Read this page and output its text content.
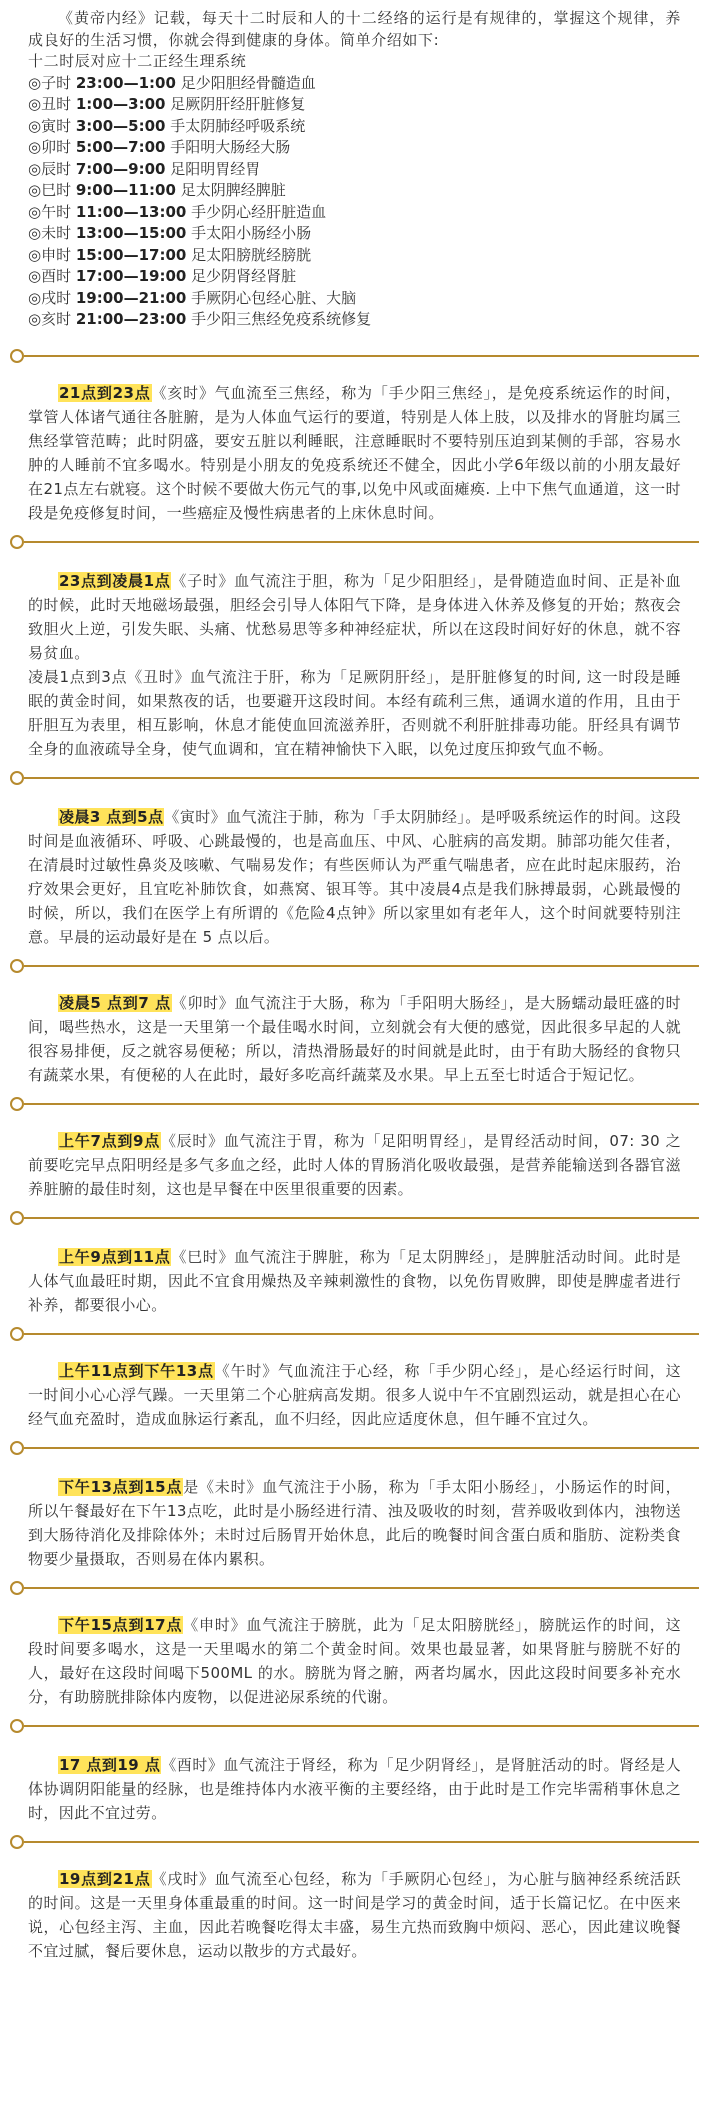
《黄帝内经》记载，每天十二时辰和人的十二经络的运行是有规律的，掌握这个规律，养成良好的生活习惯，你就会得到健康的身体。简单介绍如下:

十二时辰对应十二正经生理系统

◎子时 23:00—1:00 足少阳胆经骨髓造血
◎丑时 1:00—3:00 足厥阴肝经肝脏修复
◎寅时 3:00—5:00 手太阴肺经呼吸系统
◎卯时 5:00—7:00 手阳明大肠经大肠
◎辰时 7:00—9:00 足阳明胃经胃
◎巳时 9:00—11:00 足太阴脾经脾脏
◎午时 11:00—13:00 手少阴心经肝脏造血
◎未时 13:00—15:00 手太阳小肠经小肠
◎申时 15:00—17:00 足太阳膀胱经膀胱
◎酉时 17:00—19:00 足少阴肾经肾脏
◎戌时 19:00—21:00 手厥阴心包经心脏、大脑
◎亥时 21:00—23:00 手少阳三焦经免疫系统修复

21点到23点《亥时》气血流至三焦经，称为「手少阳三焦经」，是免疫系统运作的时间，掌管人体诸气通往各脏腑，是为人体血气运行的要道，特别是人体上肢，以及排水的肾脏均属三焦经掌管范畴；此时阴盛，要安五脏以利睡眠，注意睡眠时不要特别压迫到某侧的手部，容易水肿的人睡前不宜多喝水。特别是小朋友的免疫系统还不健全，因此小学6年级以前的小朋友最好在21点左右就寝。这个时候不要做大伤元气的事,以免中风或面瘫痪. 上中下焦气血通道，这一时段是免疫修复时间，一些癌症及慢性病患者的上床休息时间。

23点到凌晨1点《子时》血气流注于胆，称为「足少阳胆经」，是骨随造血时间、正是补血的时候，此时天地磁场最强，胆经会引导人体阳气下降，是身体进入休养及修复的开始；熬夜会致胆火上逆，引发失眠、头痛、忧愁易思等多种神经症状，所以在这段时间好好的休息，就不容易贫血。

凌晨1点到3点《丑时》血气流注于肝，称为「足厥阴肝经」，是肝脏修复的时间, 这一时段是睡眠的黄金时间，如果熬夜的话，也要避开这段时间。本经有疏利三焦，通调水道的作用，且由于肝胆互为表里，相互影响，休息才能使血回流滋养肝，否则就不利肝脏排毒功能。肝经具有调节全身的血液疏导全身，使气血调和，宜在精神愉快下入眠，以免过度压抑致气血不畅。

凌晨3 点到5点《寅时》血气流注于肺，称为「手太阴肺经」。是呼吸系统运作的时间。这段时间是血液循环、呼吸、心跳最慢的，也是高血压、中风、心脏病的高发期。肺部功能欠佳者，在清晨时过敏性鼻炎及咳嗽、气喘易发作；有些医师认为严重气喘患者，应在此时起床服药，治疗效果会更好，且宜吃补肺饮食，如燕窝、银耳等。其中凌晨4点是我们脉搏最弱，心跳最慢的时候，所以，我们在医学上有所谓的《危险4点钟》所以家里如有老年人，这个时间就要特别注意。早晨的运动最好是在 5 点以后。

凌晨5 点到7 点《卯时》血气流注于大肠，称为「手阳明大肠经」，是大肠蠕动最旺盛的时间，喝些热水，这是一天里第一个最佳喝水时间，立刻就会有大便的感觉，因此很多早起的人就很容易排便，反之就容易便秘；所以，清热滑肠最好的时间就是此时，由于有助大肠经的食物只有蔬菜水果，有便秘的人在此时，最好多吃高纤蔬菜及水果。早上五至七时适合于短记忆。

上午7点到9点《辰时》血气流注于胃，称为「足阳明胃经」，是胃经活动时间，07: 30 之前要吃完早点阳明经是多气多血之经，此时人体的胃肠消化吸收最强，是营养能输送到各器官滋养脏腑的最佳时刻，这也是早餐在中医里很重要的因素。

上午9点到11点《巳时》血气流注于脾脏，称为「足太阴脾经」，是脾脏活动时间。此时是人体气血最旺时期，因此不宜食用燥热及辛辣刺激性的食物，以免伤胃败脾，即使是脾虚者进行补养，都要很小心。

上午11点到下午13点《午时》气血流注于心经，称「手少阴心经」，是心经运行时间，这一时间小心心浮气躁。一天里第二个心脏病高发期。很多人说中午不宜剧烈运动，就是担心在心经气血充盈时，造成血脉运行紊乱，血不归经，因此应适度休息，但午睡不宜过久。

下午13点到15点是《未时》血气流注于小肠，称为「手太阳小肠经」，小肠运作的时间，所以午餐最好在下午13点吃，此时是小肠经进行清、浊及吸收的时刻，营养吸收到体内，浊物送到大肠待消化及排除体外；未时过后肠胃开始休息，此后的晚餐时间含蛋白质和脂肪、淀粉类食物要少量摄取，否则易在体内累积。

下午15点到17点《申时》血气流注于膀胱，此为「足太阳膀胱经」，膀胱运作的时间，这段时间要多喝水，这是一天里喝水的第二个黄金时间。效果也最显著，如果肾脏与膀胱不好的人，最好在这段时间喝下500ML 的水。膀胱为肾之腑，两者均属水，因此这段时间要多补充水分，有助膀胱排除体内废物，以促进泌尿系统的代谢。

17 点到19 点《酉时》血气流注于肾经，称为「足少阴肾经」，是肾脏活动的时。肾经是人体协调阴阳能量的经脉，也是维持体内水液平衡的主要经络，由于此时是工作完毕需稍事休息之时，因此不宜过劳。

19点到21点《戌时》血气流至心包经，称为「手厥阴心包经」，为心脏与脑神经系统活跃的时间。这是一天里身体重最重的时间。这一时间是学习的黄金时间，适于长篇记忆。在中医来说，心包经主泻、主血，因此若晚餐吃得太丰盛，易生亢热而致胸中烦闷、恶心，因此建议晚餐不宜过腻，餐后要休息，运动以散步的方式最好。
